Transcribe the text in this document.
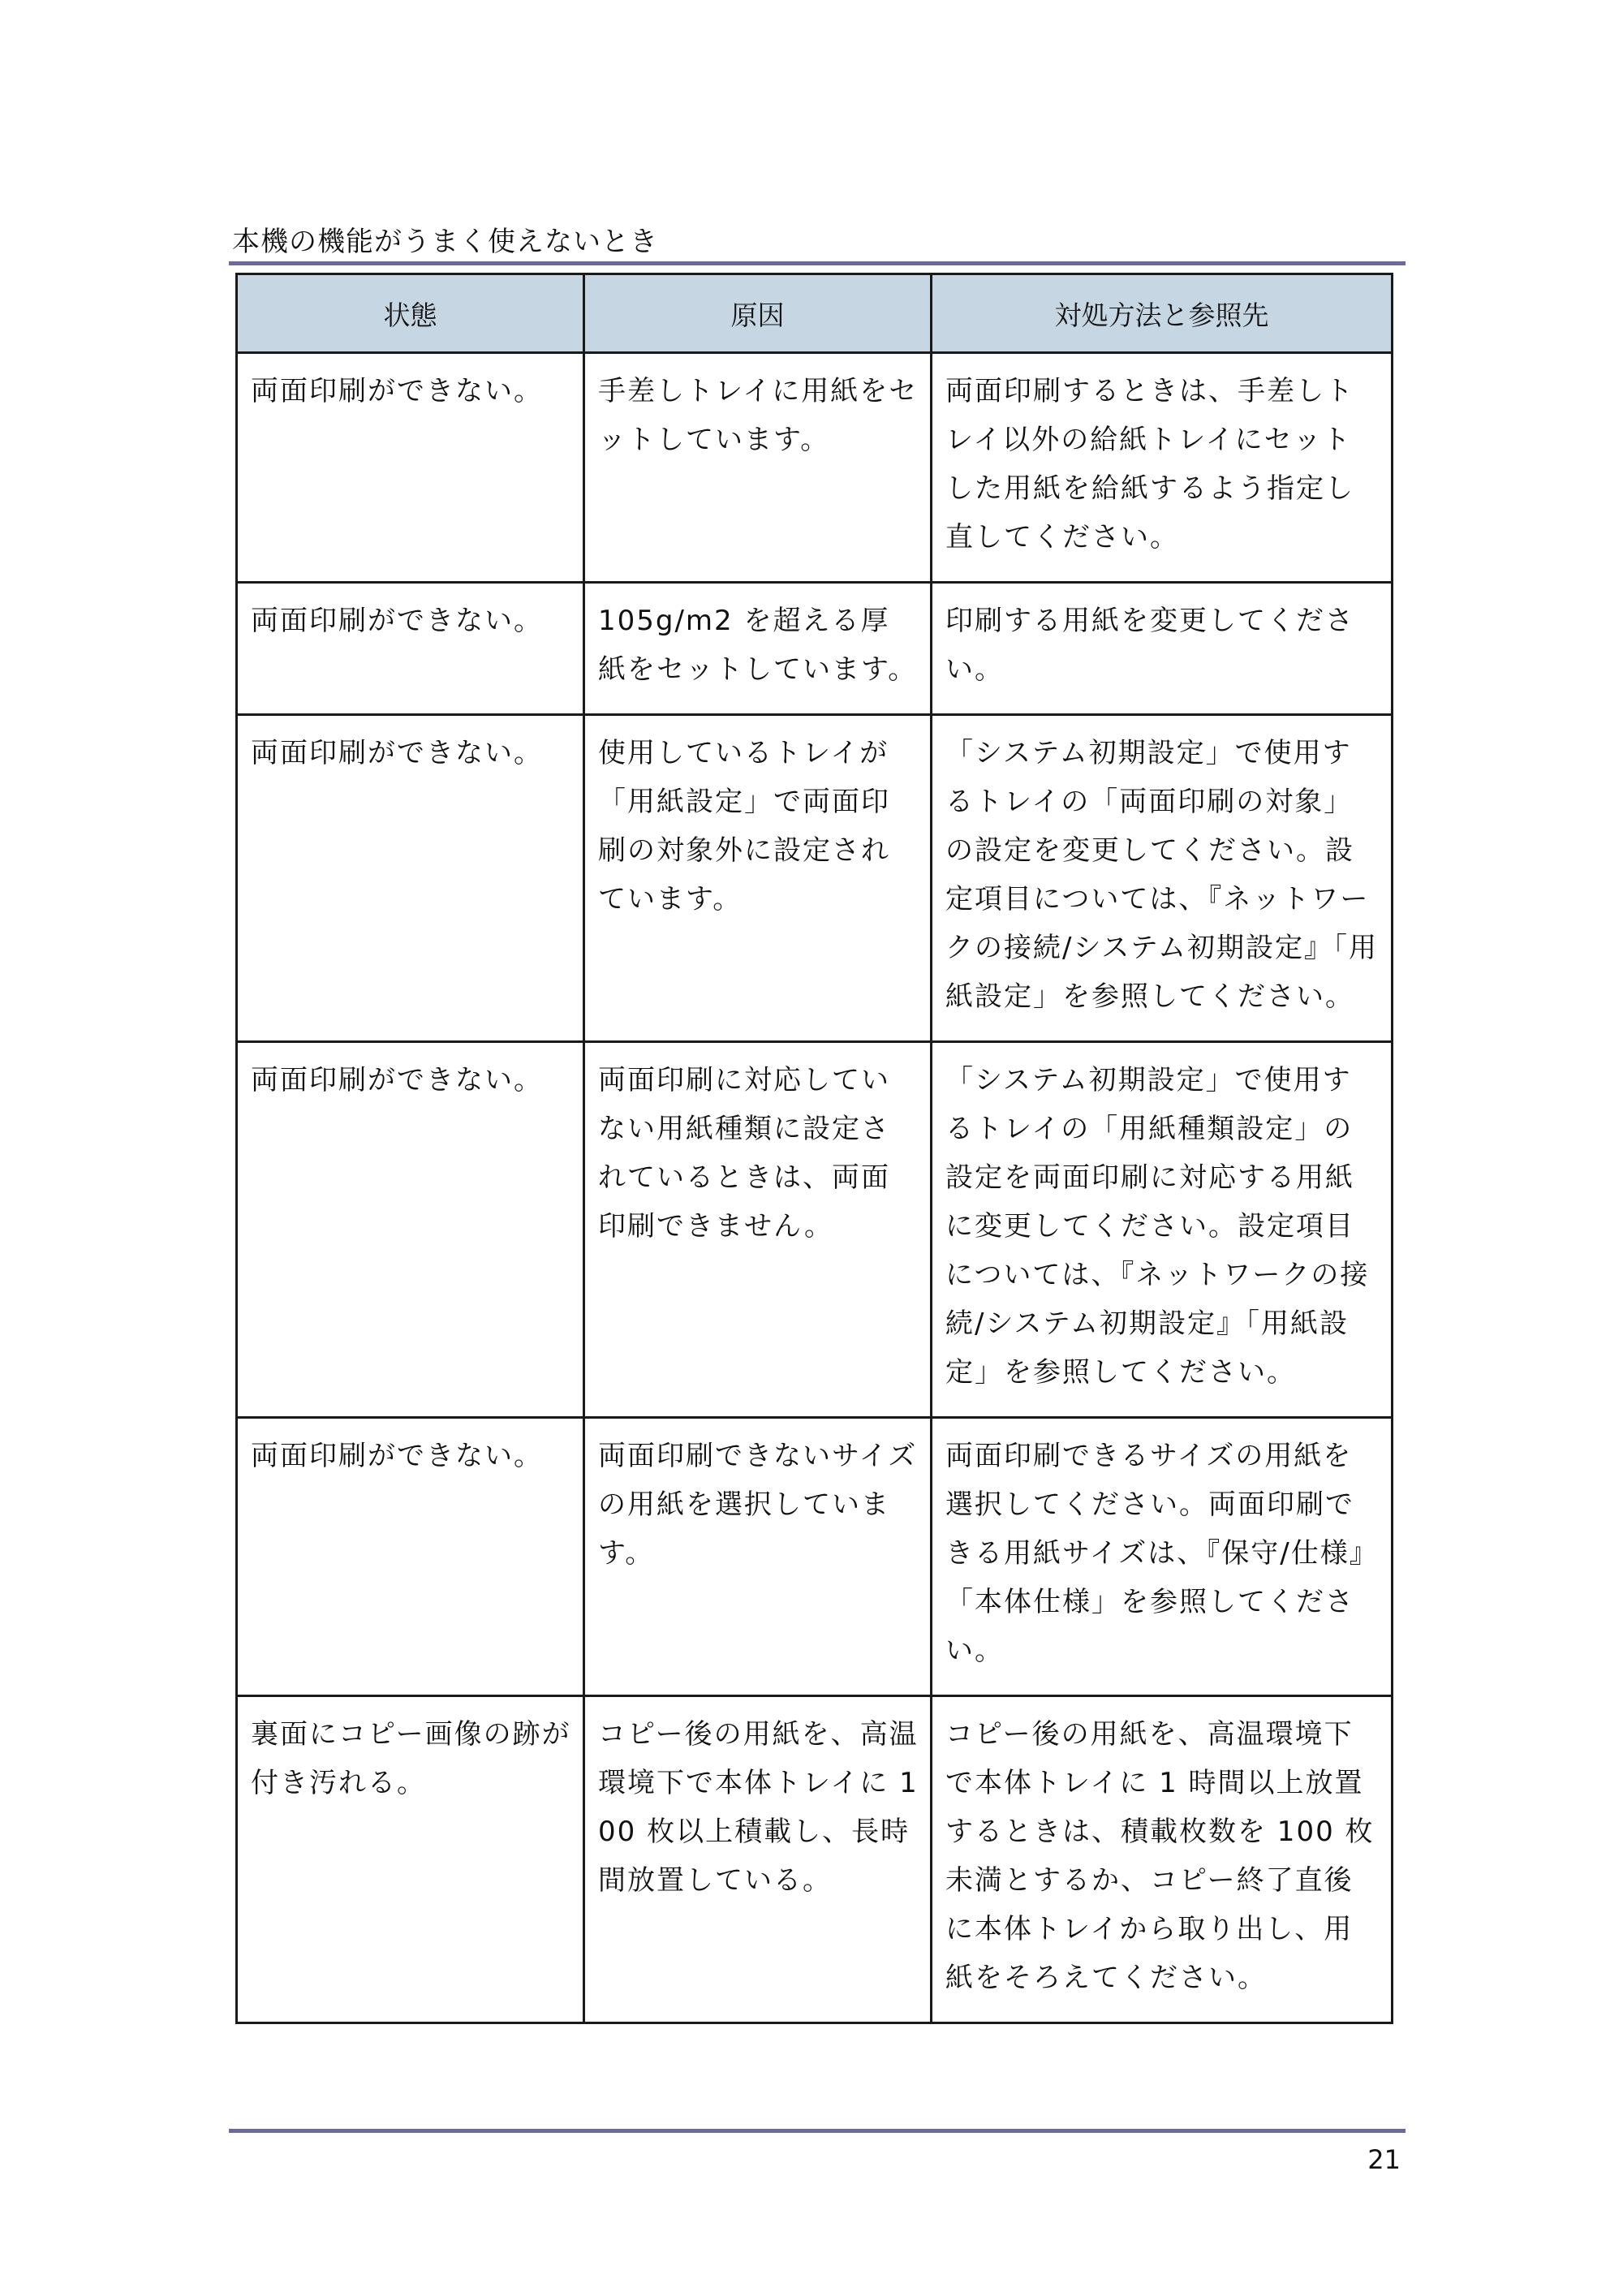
本機の機能がうまく使えないとき
状態	原因	対処方法と参照先
両面印刷ができない。	手差しトレイに用紙をセットしています。	両面印刷するときは、手差しトレイ以外の給紙トレイにセットした用紙を給紙するよう指定し直してください。
両面印刷ができない。	105g/m2 を超える厚紙をセットしています。	印刷する用紙を変更してください。
両面印刷ができない。	使用しているトレイが「用紙設定」で両面印刷の対象外に設定されています。	「システム初期設定」で使用するトレイの「両面印刷の対象」の設定を変更してください。設定項目については、『ネットワークの接続/システム初期設定』「用紙設定」を参照してください。
両面印刷ができない。	両面印刷に対応していない用紙種類に設定されているときは、両面印刷できません。	「システム初期設定」で使用するトレイの「用紙種類設定」の設定を両面印刷に対応する用紙に変更してください。設定項目については、『ネットワークの接続/システム初期設定』「用紙設定」を参照してください。
両面印刷ができない。	両面印刷できないサイズの用紙を選択しています。	両面印刷できるサイズの用紙を選択してください。両面印刷できる用紙サイズは、『保守/仕様』「本体仕様」を参照してください。
裏面にコピー画像の跡が付き汚れる。	コピー後の用紙を、高温環境下で本体トレイに 100 枚以上積載し、長時間放置している。	コピー後の用紙を、高温環境下で本体トレイに 1 時間以上放置するときは、積載枚数を 100 枚未満とするか、コピー終了直後に本体トレイから取り出し、用紙をそろえてください。
21
